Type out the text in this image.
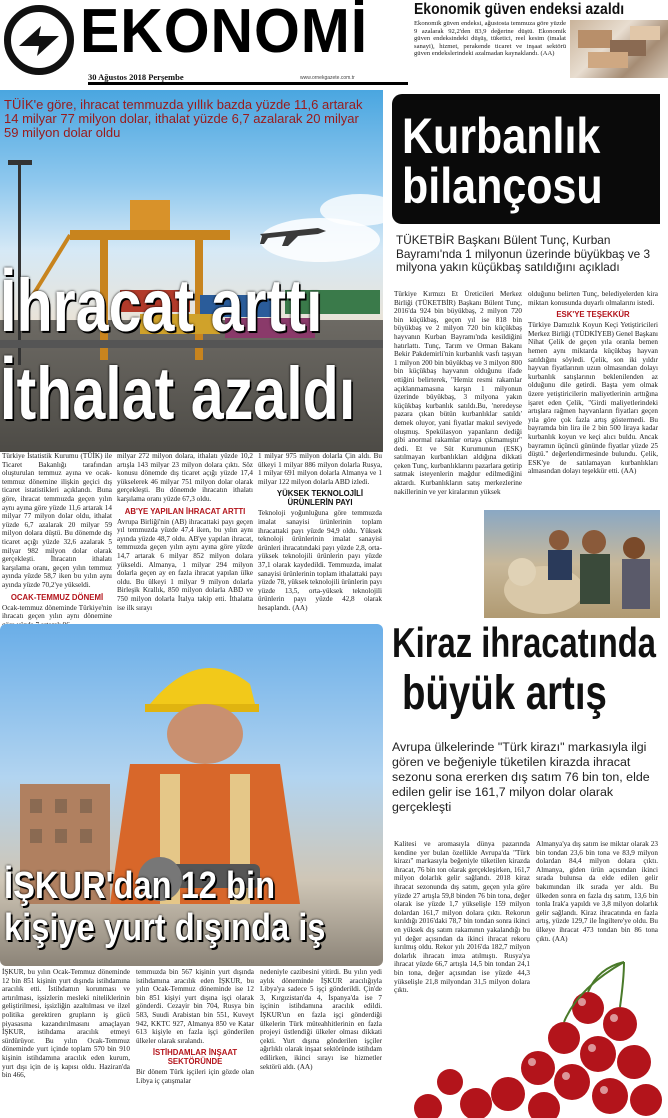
EKONOMİ
30 Ağustos 2018 Perşembe	www.ornekgazete.com.tr
Ekonomik güven endeksi azaldı
Ekonomik güven endeksi, ağustosta temmuza göre yüzde 9 azalarak 92,2'den 83,9 değerine düştü. Ekonomik güven endeksindeki düşüş, tüketici, reel kesim (imalat sanayi), hizmet, perakende ticaret ve inşaat sektörü güven endekslerindeki azalmadan kaynaklandı. (AA)
TÜİK'e göre, ihracat temmuzda yıllık bazda yüzde 11,6 artarak 14 milyar 77 milyon dolar, ithalat yüzde 6,7 azalarak 20 milyar 59 milyon dolar oldu
İhracat arttı
İthalat azaldı
Türkiye İstatistik Kurumu (TÜİK) ile Ticaret Bakanlığı tarafından oluşturulan temmuz ayına ve ocak-temmuz dönemine ilişkin geçici dış ticaret istatistikleri açıklandı. Buna göre, ihracat temmuzda geçen yılın aynı ayına göre yüzde 11,6 artarak 14 milyar 77 milyon dolar oldu, ithalat yüzde 6,7 azalarak 20 milyar 59 milyon dolara düştü. Bu dönemde dış ticaret açığı yüzde 32,6 azalarak 5 milyar 982 milyon dolar olarak gerçekleşti. İhracatın ithalatı karşılama oranı, geçen yılın temmuz ayında yüzde 58,7 iken bu yılın aynı ayında yüzde 70,2'ye yükseldi.
OCAK-TEMMUZ DÖNEMİ
Ocak-temmuz döneminde Türkiye'nin ihracatı geçen yılın aynı dönemine
milyar 272 milyon dolara, ithalatı yüzde 10,2 artışla 143 milyar 23 milyon dolara çıktı. Söz konusu dönemde dış ticaret açığı yüzde 17,4 yükselerek 46 milyar 751 milyon dolar olarak gerçekleşti. Bu dönemde ihracatın ithalatı karşılama oranı yüzde 67,3 oldu.
AB'YE YAPILAN İHRACAT ARTTI
Avrupa Birliği'nin (AB) ihracattaki payı geçen yıl temmuzda yüzde 47,4 iken, bu yılın aynı ayında yüzde 48,7 oldu. AB'ye yapılan ihracat, temmuzda geçen yılın aynı ayına göre yüzde 14,7 artarak 6 milyar 852 milyon dolara yükseldi. Almanya, 1 milyar 294 milyon dolarla geçen ay en fazla ihracat yapılan ülke oldu. Bu ülkeyi 1 milyar 9 milyon dolarla Birleşik Krallık, 850 milyon dolarla ABD ve 750 milyon dolarla İtalya takip etti. İthalatta ise ilk sırayı
1 milyar 975 milyon dolarla Çin aldı. Bu ülkeyi 1 milyar 886 milyon dolarla Rusya, 1 milyar 691 milyon dolarla Almanya ve 1 milyar 122 milyon dolarla ABD izledi.
YÜKSEK TEKNOLOJİLİ ÜRÜNLERİN PAYI
Teknoloji yoğunluğuna göre temmuzda imalat sanayisi ürünlerinin toplam ihracattaki payı yüzde 94,9 oldu. Yüksek teknoloji ürünlerinin imalat sanayisi ürünleri ihracatındaki payı yüzde 2,8, orta-yüksek teknolojili ürünlerin payı yüzde 37,1 olarak kaydedildi. Temmuzda, imalat sanayisi ürünlerinin toplam ithalattaki payı yüzde 78, yüksek teknolojili ürünlerin payı yüzde 13,5, orta-yüksek teknolojili ürünlerin payı yüzde 42,8 olarak hesaplandı. (AA)
Kurbanlık
bilançosu
TÜKETBİR Başkanı Bülent Tunç, Kurban Bayramı'nda 1 milyonun üzerinde büyükbaş ve 3 milyona yakın küçükbaş satıldığını açıkladı
Türkiye Kırmızı Et Üreticileri Merkez Birliği (TÜKETBİR) Başkanı Bülent Tunç, 2016'da 924 bin büyükbaş, 2 milyon 720 bin küçükbaş, geçen yıl ise 818 bin büyükbaş ve 2 milyon 720 bin küçükbaş hayvanın Kurban Bayramı'nda kesildiğini hatırlattı. Tunç, Tarım ve Orman Bakanı Bekir Pakdemirli'nin kurbanlık vasfı taşıyan 1 milyon 200 bin büyükbaş ve 3 milyon 800 bin küçükbaş hayvanın olduğunu ifade ettiğini belirterek, "Hemiz resmi rakamlar açıklanmamasına karşın 1 milyonun üzerinde büyükbaş, 3 milyona yakın küçükbaş kurbanlık satıldı.Bu, 'neredeyse pazara çıkan bütün kurbanlıklar satıldı' demek oluyor, yani fiyatlar makul seviyede oluşmuş. Spekülasyon yapanların dediği gibi anormal rakamlar ortaya çıkmamıştır" dedi. Et ve Süt Kurumunun (ESK) satılmayan kurbanlıkları aldığına dikkati çeken Tunç, kurbanlıklarını pazarlara getirip satmak isteyenlerin mağdur edilmediğini aktardı. Kurbanlıkların satış merkezlerine nakillerinin ve yer kiralarının yüksek
olduğunu belirten Tunç, belediyelerden kira miktarı konusunda duyarlı olmalarını istedi.
ESK'YE TEŞEKKÜR
Türkiye Damızlık Koyun Keçi Yetiştiricileri Merkez Birliği (TÜDKİYEB) Genel Başkanı Nihat Çelik de geçen yıla oranla bemen hemen aynı miktarda küçükbaş hayvan satıldığını söyledi. Çelik, son iki yıldır hayvan fiyatlarının uzun olmasından dolayı kurbanlık satışlarının beklenilenden az olduğunu dile getirdi. Başta yem olmak üzere yetiştiricilerin maliyetlerinin arttığına işaret eden Çelik, "Girdi maliyetlerindeki artışlara rağmen hayvanların fiyatları geçen yıla göre çok fazla artış göstermedi. Bu bayramda bin lira ile 2 bin 500 liraya kadar kurbanlık koyun ve keçi alıcı buldu. Ancak bayramın üçüncü gününde fiyatlar yüzde 25 düştü." değerlendirmesinde bulundu. Çelik, ESK'ye de satılamayan kurbanlıkları almasından dolayı teşekkür etti. (AA)
İŞKUR'dan 12 bin
kişiye yurt dışında iş
İŞKUR, bu yılın Ocak-Temmuz döneminde 12 bin 851 kişinin yurt dışında istihdamına aracılık etti. İstihdamın korunması ve artırılması, işsizlerin mesleki niteliklerinin geliştirilmesi, işsizliğin azaltılması ve ilzel politika gerektiren grupların iş gücü piyasasına kazandırılmasını amaçlayan İŞKUR, istihdama aracılık etmeyi sürdürüyor. Bu yılın Ocak-Temmuz döneminde yurt içinde toplam 570 bin 910 kişinin istihdamına aracılık eden kurum, yurt dışı için de iş kapısı oldu. Haziran'da bin 466,
temmuzda bin 567 kişinin yurt dışında istihdamına aracılık eden İŞKUR, bu yılın Ocak-Temmuz döneminde ise 12 bin 851 kişiyi yurt dışına işçi olarak gönderdi. Cezayir bin 704, Rusya bin 583, Suudi Arabistan bin 551, Kuveyt 942, KKTC 927, Almanya 850 ve Katar 613 kişiyle en fazla işçi gönderilen ülkeler olarak sıralandı.
İSTİHDAMLAR İNŞAAT SEKTÖRÜNDE
Bir dönem Türk işçileri için gözde olan Libya iç çatışmalar
nedeniyle cazibesini yitirdi. Bu yılın yedi aylık döneminde İŞKUR aracılığıyla Libya'ya sadece 5 işçi gönderildi. Çin'de 3, Kırgızistan'da 4, İspanya'da ise 7 işçinin istihdamına aracılık edildi. İŞKUR'un en fazla işçi gönderdiği ülkelerin Türk müteahhitlerinin en fazla projeyi üstlendiği ülkeler olması dikkati çekti. Yurt dışına gönderilen işçiler ağırlıklı olarak inşaat sektöründe istihdam edilirken, ikinci sırayı ise hizmetler sektörü aldı. (AA)
Kiraz ihracatında
büyük artış
Avrupa ülkelerinde "Türk kirazı" markasıyla ilgi gören ve beğeniyle tüketilen kirazda ihracat sezonu sona ererken dış satım 76 bin ton, elde edilen gelir ise 161,7 milyon dolar olarak gerçekleşti
Kalitesi ve aromasıyla dünya pazarında kendine yer bulan özellikle Avrupa'da "Türk kirazı" markasıyla beğeniyle tüketilen kirazda ihracat, 76 bin ton olarak gerçekleşirken, 161,7 milyon dolarlık gelir sağlandı. 2018 kiraz ihracat sezonunda dış satım, geçen yıla göre yüzde 27 artışla 59,8 binden 76 bin tona, değer olarak ise yüzde 1,7 yükselişle 159 milyon dolardan 161,7 milyon dolara çıktı. Rekorun kırıldığı 2016'daki 78,7 bin tondan sonra ikinci en yüksek dış satım rakamının yakalandığı bu yıl değer açısından da ikinci ihracat rekoru kırılmış oldu. Rekor yılı 2016'da 182,7 milyon dolarlık ihracatı imza atılmıştı. Rusya'ya ihracat yüzde 66,7 artışla 14,5 bin tondan 24,1 bin tona, değer açısından ise yüzde 44,3 yükselişle 21,8 milyondan 31,5 milyon dolara çıktı.
Almanya'ya dış satım ise miktar olarak 23 bin tondan 23,6 bin tona ve 83,9 milyon dolardan 84,4 milyon dolara çıktı. Almanya, giden ürün açısından ikinci sırada bulunsa da elde edilen gelir bakımından ilk sırada yer aldı. Bu ülkeden sonra en fazla dış satım, 13,6 bin tonla Irak'a yapıldı ve 3,8 milyon dolarlık gelir sağlandı. Kiraz ihracatında en fazla artış, yüzde 129,7 ile İngiltere'ye oldu. Bu ülkeye ihracat 473 tondan bin 86 tona çıktı. (AA)
